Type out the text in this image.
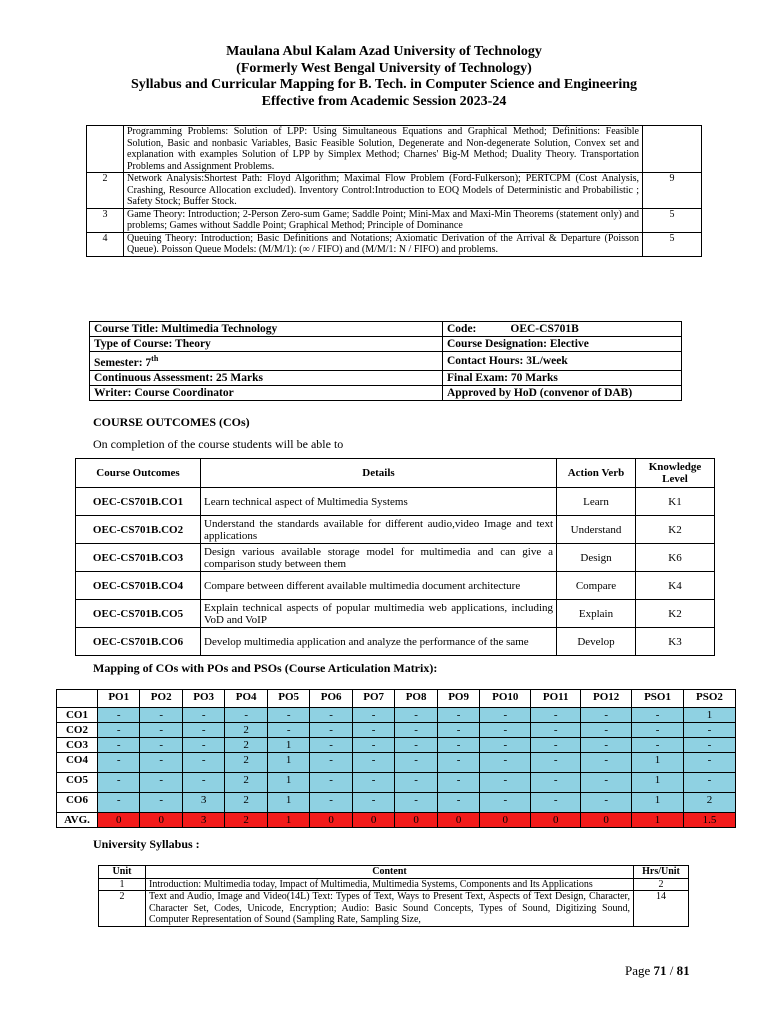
Maulana Abul Kalam Azad University of Technology
(Formerly West Bengal University of Technology)
Syllabus and Curricular Mapping for B. Tech. in Computer Science and Engineering
Effective from Academic Session 2023-24
	Programming Problems: Solution of LPP: Using Simultaneous Equations and Graphical Method; Definitions: Feasible Solution, Basic and nonbasic Variables, Basic Feasible Solution, Degenerate and Non-degenerate Solution, Convex set and explanation with examples Solution of LPP by Simplex Method; Charnes' Big-M Method; Duality Theory. Transportation Problems and Assignment Problems.	
2	Network Analysis:Shortest Path: Floyd Algorithm; Maximal Flow Problem (Ford-Fulkerson); PERTCPM (Cost Analysis, Crashing, Resource Allocation excluded). Inventory Control:Introduction to EOQ Models of Deterministic and Probabilistic ; Safety Stock; Buffer Stock.	9
3	Game Theory: Introduction; 2-Person Zero-sum Game; Saddle Point; Mini-Max and Maxi-Min Theorems (statement only) and problems; Games without Saddle Point; Graphical Method; Principle of Dominance	5
4	Queuing Theory: Introduction; Basic Definitions and Notations; Axiomatic Derivation of the Arrival & Departure (Poisson Queue). Poisson Queue Models: (M/M/1): (∞ / FIFO) and (M/M/1: N / FIFO) and problems.	5
Course Title: Multimedia Technology	Code: OEC-CS701B
Type of Course: Theory	Course Designation: Elective
Semester: 7th	Contact Hours: 3L/week
Continuous Assessment: 25 Marks	Final Exam: 70 Marks
Writer: Course Coordinator	Approved by HoD (convenor of DAB)
COURSE OUTCOMES (COs)
On completion of the course students will be able to
Course Outcomes	Details	Action Verb	Knowledge Level
OEC-CS701B.CO1	Learn technical aspect of Multimedia Systems	Learn	K1
OEC-CS701B.CO2	Understand the standards available for different audio,video Image and text applications	Understand	K2
OEC-CS701B.CO3	Design various available storage model for multimedia and can give a comparison study between them	Design	K6
OEC-CS701B.CO4	Compare between different available multimedia document architecture	Compare	K4
OEC-CS701B.CO5	Explain technical aspects of popular multimedia web applications, including VoD and VoIP	Explain	K2
OEC-CS701B.CO6	Develop multimedia application and analyze the performance of the same	Develop	K3
Mapping of COs with POs and PSOs (Course Articulation Matrix):
	PO1	PO2	PO3	PO4	PO5	PO6	PO7	PO8	PO9	PO10	PO11	PO12	PSO1	PSO2
CO1	-	-	-	-	-	-	-	-	-	-	-	-	-	1
CO2	-	-	-	2	-	-	-	-	-	-	-	-	-	-
CO3	-	-	-	2	1	-	-	-	-	-	-	-	-	-
CO4	-	-	-	2	1	-	-	-	-	-	-	-	1	-
CO5	-	-	-	2	1	-	-	-	-	-	-	-	1	-
CO6	-	-	3	2	1	-	-	-	-	-	-	-	1	2
AVG.	0	0	3	2	1	0	0	0	0	0	0	0	1	1.5
University Syllabus :
Unit	Content	Hrs/Unit
1	Introduction: Multimedia today, Impact of Multimedia, Multimedia Systems, Components and Its Applications	2
2	Text and Audio, Image and Video(14L) Text: Types of Text, Ways to Present Text, Aspects of Text Design, Character, Character Set, Codes, Unicode, Encryption; Audio: Basic Sound Concepts, Types of Sound, Digitizing Sound, Computer Representation of Sound (Sampling Rate, Sampling Size,	14
Page 71 / 81
